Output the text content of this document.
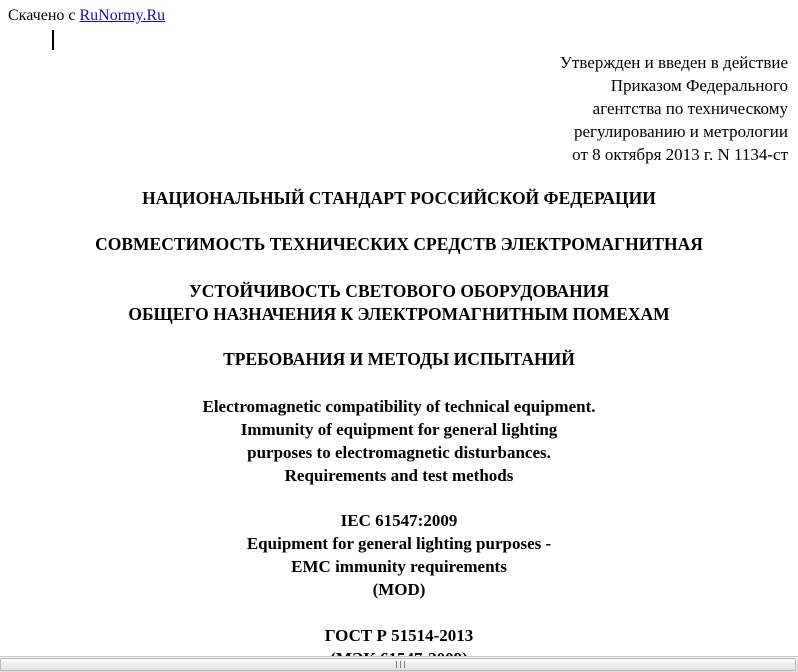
Скачено с RuNormy.Ru
Утвержден и введен в действие
Приказом Федерального
агентства по техническому
регулированию и метрологии
от 8 октября 2013 г. N 1134-ст
НАЦИОНАЛЬНЫЙ СТАНДАРТ РОССИЙСКОЙ ФЕДЕРАЦИИ
СОВМЕСТИМОСТЬ ТЕХНИЧЕСКИХ СРЕДСТВ ЭЛЕКТРОМАГНИТНАЯ
УСТОЙЧИВОСТЬ СВЕТОВОГО ОБОРУДОВАНИЯ
ОБЩЕГО НАЗНАЧЕНИЯ К ЭЛЕКТРОМАГНИТНЫМ ПОМЕХАМ
ТРЕБОВАНИЯ И МЕТОДЫ ИСПЫТАНИЙ
Electromagnetic compatibility of technical equipment.
Immunity of equipment for general lighting
purposes to electromagnetic disturbances.
Requirements and test methods
IEC 61547:2009
Equipment for general lighting purposes -
EMC immunity requirements
(MOD)
ГОСТ Р 51514-2013
